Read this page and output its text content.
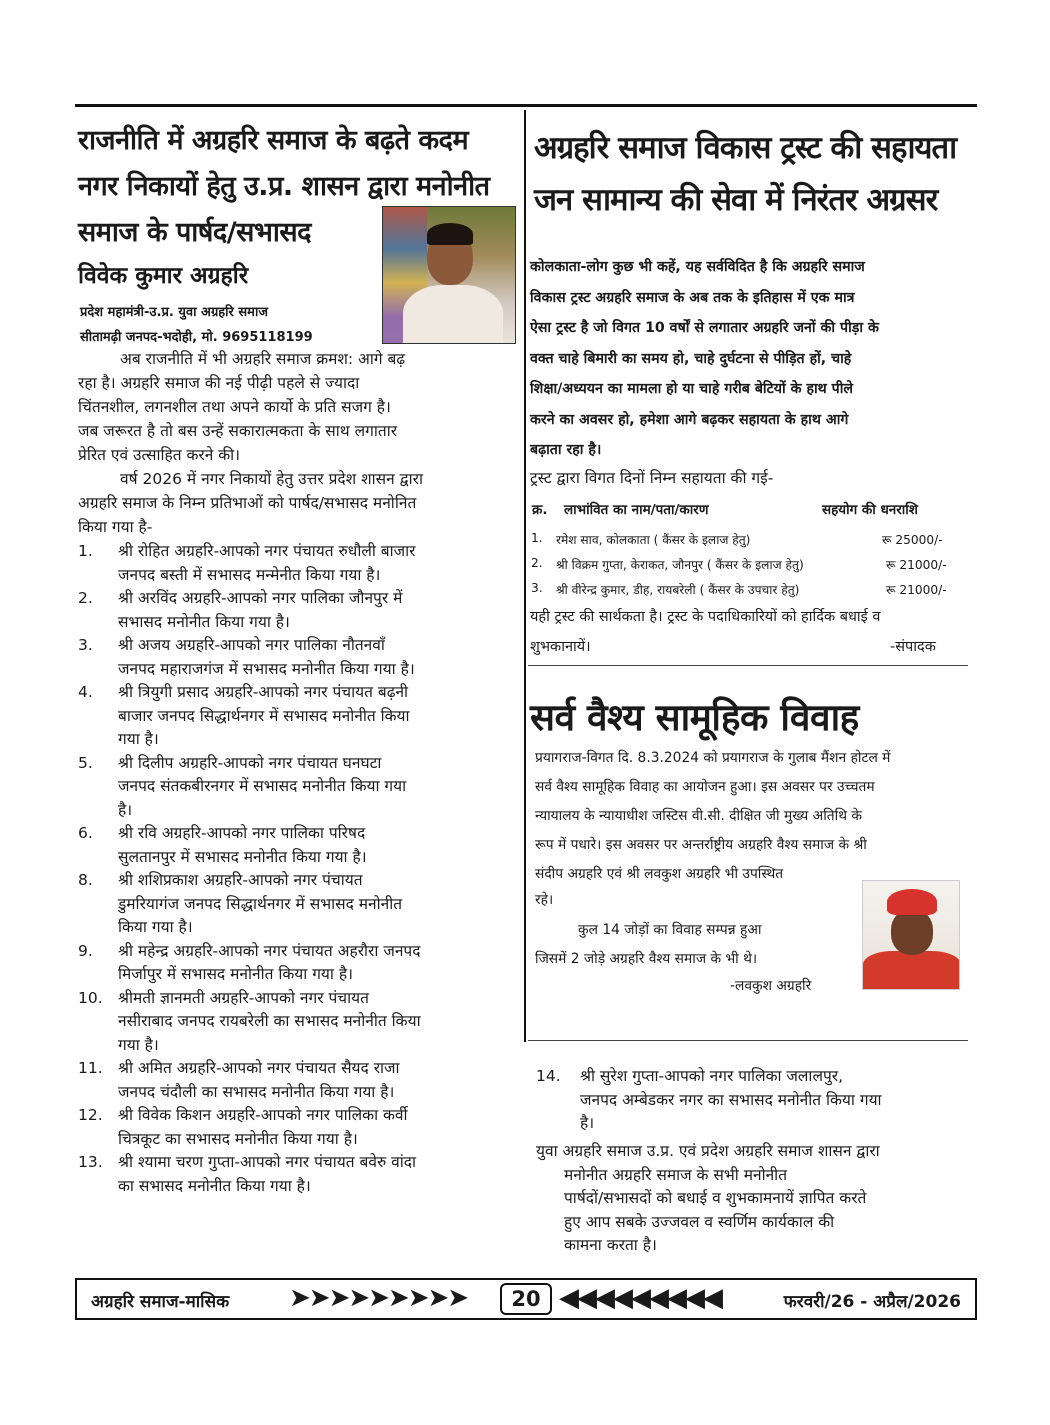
राजनीति में अग्रहरि समाज के बढ़ते कदम
नगर निकायों हेतु उ.प्र. शासन द्वारा मनोनीत
समाज के पार्षद/सभासद
विवेक कुमार अग्रहरि
प्रदेश महामंत्री-उ.प्र. युवा अग्रहरि समाज
सीतामढ़ी जनपद-भदोही, मो. 9695118199
अब राजनीति में भी अग्रहरि समाज क्रमश: आगे बढ़
रहा है। अग्रहरि समाज की नई पीढ़ी पहले से ज्यादा
चिंतनशील, लगनशील तथा अपने कार्यो के प्रति सजग है।
जब जरूरत है तो बस उन्हें सकारात्मकता के साथ लगातार
प्रेरित एवं उत्साहित करने की।
वर्ष 2026 में नगर निकायों हेतु उत्तर प्रदेश शासन द्वारा
अग्रहरि समाज के निम्न प्रतिभाओं को पार्षद/सभासद मनोनित
किया गया है-
1.	श्री रोहित अग्रहरि-आपको नगर पंचायत रुधौली बाजार
जनपद बस्ती में सभासद मन्मेनीत किया गया है।
2.	श्री अरविंद अग्रहरि-आपको नगर पालिका जौनपुर में
सभासद मनोनीत किया गया है।
3.	श्री अजय अग्रहरि-आपको नगर पालिका नौतनवाँ
जनपद महाराजगंज में सभासद मनोनीत किया गया है।
4.	श्री त्रियुगी प्रसाद अग्रहरि-आपको नगर पंचायत बढ़नी
बाजार जनपद सिद्धार्थनगर में सभासद मनोनीत किया
गया है।
5.	श्री दिलीप अग्रहरि-आपको नगर पंचायत घनघटा
जनपद संतकबीरनगर में सभासद मनोनीत किया गया
है।
6.	श्री रवि अग्रहरि-आपको नगर पालिका परिषद
सुलतानपुर में सभासद मनोनीत किया गया है।
8.	श्री शशिप्रकाश अग्रहरि-आपको नगर पंचायत
डुमरियागंज जनपद सिद्धार्थनगर में सभासद मनोनीत
किया गया है।
9.	श्री महेन्द्र अग्रहरि-आपको नगर पंचायत अहरौरा जनपद
मिर्जापुर में सभासद मनोनीत किया गया है।
10. श्रीमती ज्ञानमती अग्रहरि-आपको नगर पंचायत
नसीराबाद जनपद रायबरेली का सभासद मनोनीत किया
गया है।
11. श्री अमित अग्रहरि-आपको नगर पंचायत सैयद राजा
जनपद चंदौली का सभासद मनोनीत किया गया है।
12. श्री विवेक किशन अग्रहरि-आपको नगर पालिका कर्वी
चित्रकूट का सभासद मनोनीत किया गया है।
13. श्री श्यामा चरण गुप्ता-आपको नगर पंचायत बवेरु वांदा
का सभासद मनोनीत किया गया है।
अग्रहरि समाज विकास ट्रस्ट की सहायता
जन सामान्य की सेवा में निरंतर अग्रसर
कोलकाता-लोग कुछ भी कहें, यह सर्वविदित है कि अग्रहरि समाज
विकास ट्रस्ट अग्रहरि समाज के अब तक के इतिहास में एक मात्र
ऐसा ट्रस्ट है जो विगत 10 वर्षों से लगातार अग्रहरि जनों की पीड़ा के
वक्त चाहे बिमारी का समय हो, चाहे दुर्घटना से पीड़ित हों, चाहे
शिक्षा/अध्ययन का मामला हो या चाहे गरीब बेटियों के हाथ पीले
करने का अवसर हो, हमेशा आगे बढ़कर सहायता के हाथ आगे
बढ़ाता रहा है।
ट्रस्ट द्वारा विगत दिनों निम्न सहायता की गई-
क्र. लाभांवित का नाम/पता/कारण	सहयोग की धनराशि
1. रमेश साव, कोलकाता ( कैंसर के इलाज हेतु)	रू 25000/-
2. श्री विक्रम गुप्ता, केराकत, जौनपुर ( कैंसर के इलाज हेतु)	रू 21000/-
3. श्री वीरेन्द्र कुमार, डीह, रायबरेली ( कैंसर के उपचार हेतु)	रू 21000/-
यही ट्रस्ट की सार्थकता है। ट्रस्ट के पदाधिकारियों को हार्दिक बधाई व
शुभकानायें।	-संपादक
सर्व वैश्य सामूहिक विवाह
प्रयागराज-विगत दि. 8.3.2024 को प्रयागराज के गुलाब मैंशन होटल में
सर्व वैश्य सामूहिक विवाह का आयोजन हुआ। इस अवसर पर उच्चतम
न्यायालय के न्यायाधीश जस्टिस वी.सी. दीक्षित जी मुख्य अतिथि के
रूप में पधारे। इस अवसर पर अन्तर्राष्ट्रीय अग्रहरि वैश्य समाज के श्री
संदीप अग्रहरि एवं श्री लवकुश अग्रहरि भी उपस्थित
रहे।
कुल 14 जोड़ों का विवाह सम्पन्न हुआ
जिसमें 2 जोड़े अग्रहरि वैश्य समाज के भी थे।
-लवकुश अग्रहरि
14.	श्री सुरेश गुप्ता-आपको नगर पालिका जलालपुर,
जनपद अम्बेडकर नगर का सभासद मनोनीत किया गया
है।
युवा अग्रहरि समाज उ.प्र. एवं प्रदेश अग्रहरि समाज शासन द्वारा
मनोनीत अग्रहरि समाज के सभी मनोनीत
पार्षदों/सभासदों को बधाई व शुभकामनायें ज्ञापित करते
हुए आप सबके उज्जवल व स्वर्णिम कार्यकाल की
कामना करता है।
अग्रहरि समाज-मासिक ➤➤➤➤➤➤➤➤➤	20 ◀◀◀◀◀◀◀◀◀	फरवरी/26 - अप्रैल/2026
